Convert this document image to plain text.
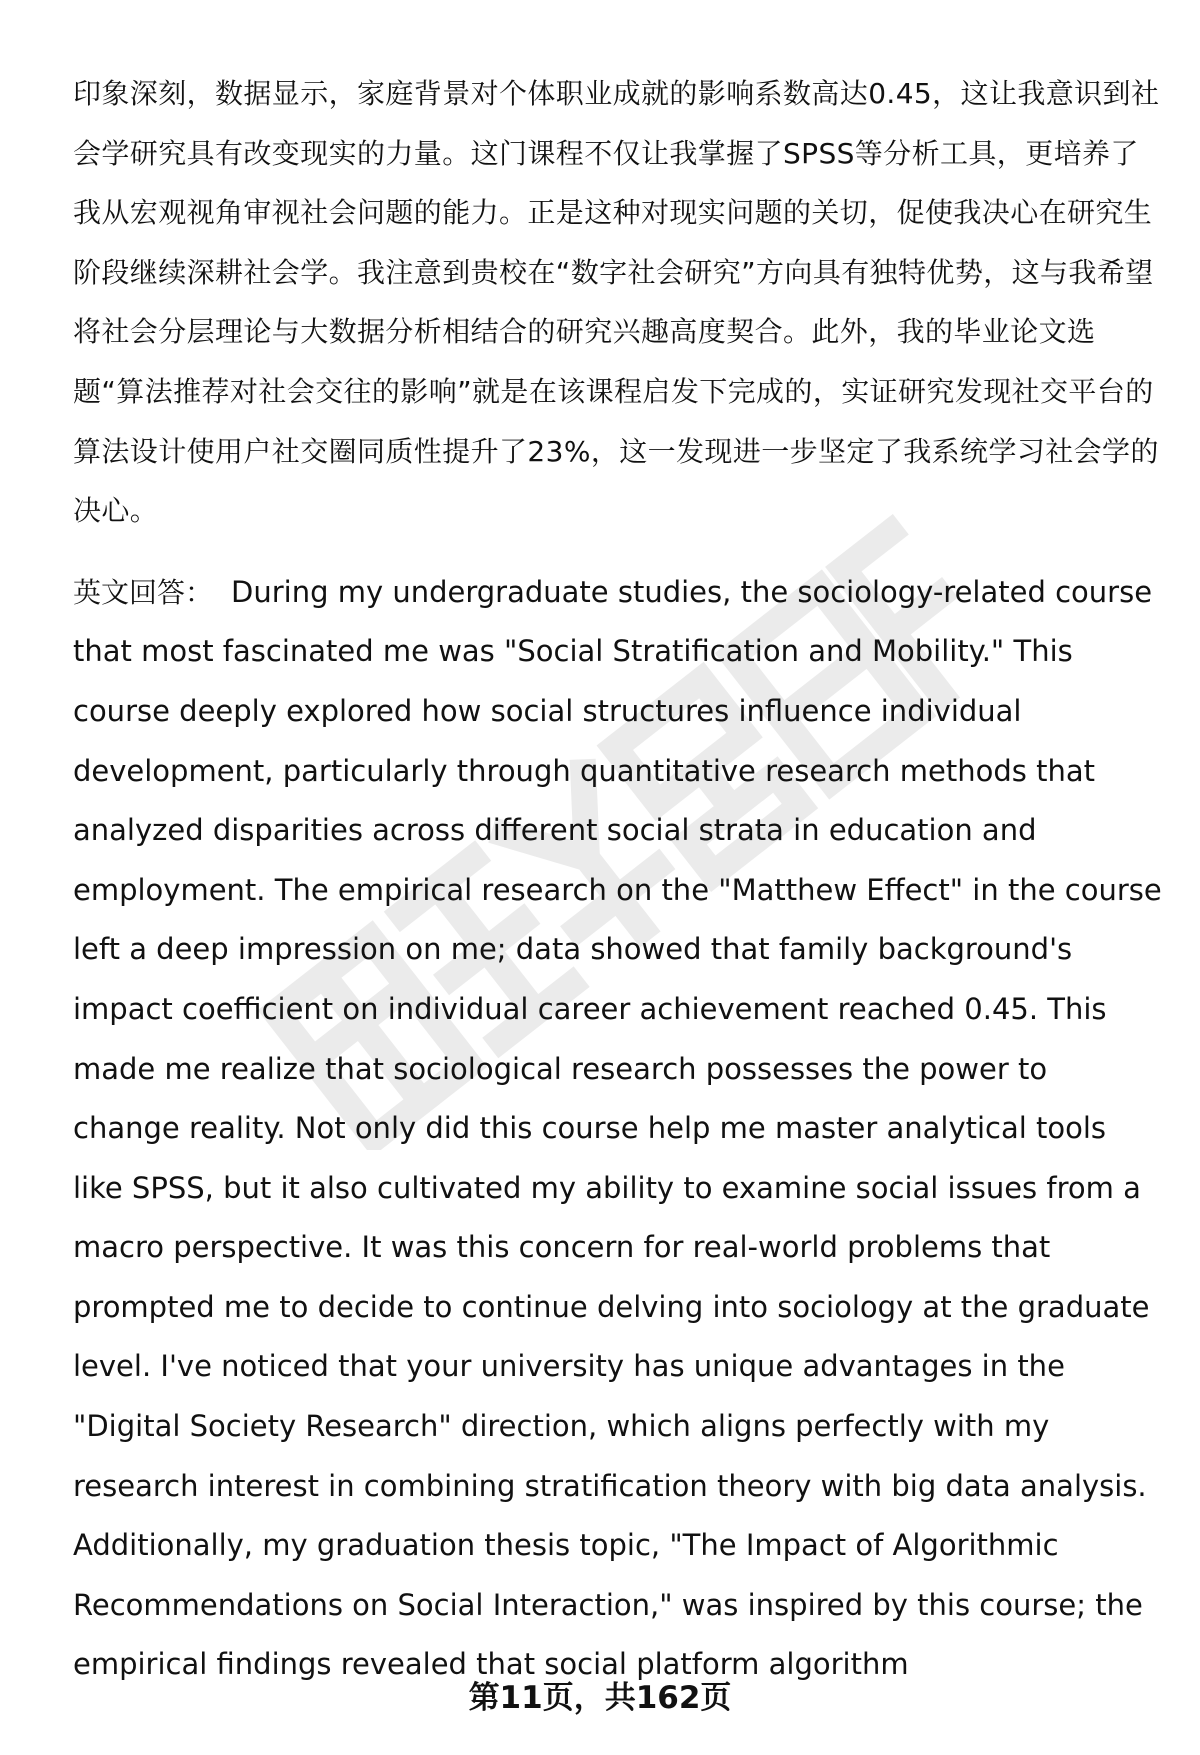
印象深刻，数据显示，家庭背景对个体职业成就的影响系数高达0.45，这让我意识到社会学研究具有改变现实的力量。这门课程不仅让我掌握了SPSS等分析工具，更培养了我从宏观视角审视社会问题的能力。正是这种对现实问题的关切，促使我决心在研究生阶段继续深耕社会学。我注意到贵校在“数字社会研究”方向具有独特优势，这与我希望将社会分层理论与大数据分析相结合的研究兴趣高度契合。此外，我的毕业论文选题“算法推荐对社会交往的影响”就是在该课程启发下完成的，实证研究发现社交平台的算法设计使用户社交圈同质性提升了23%，这一发现进一步坚定了我系统学习社会学的决心。

英文回答： During my undergraduate studies, the sociology-related course that most fascinated me was "Social Stratification and Mobility." This course deeply explored how social structures influence individual development, particularly through quantitative research methods that analyzed disparities across different social strata in education and employment. The empirical research on the "Matthew Effect" in the course left a deep impression on me; data showed that family background's impact coefficient on individual career achievement reached 0.45. This made me realize that sociological research possesses the power to change reality. Not only did this course help me master analytical tools like SPSS, but it also cultivated my ability to examine social issues from a macro perspective. It was this concern for real-world problems that prompted me to decide to continue delving into sociology at the graduate level. I've noticed that your university has unique advantages in the "Digital Society Research" direction, which aligns perfectly with my research interest in combining stratification theory with big data analysis. Additionally, my graduation thesis topic, "The Impact of Algorithmic Recommendations on Social Interaction," was inspired by this course; the empirical findings revealed that social platform algorithm

第11页，共162页
